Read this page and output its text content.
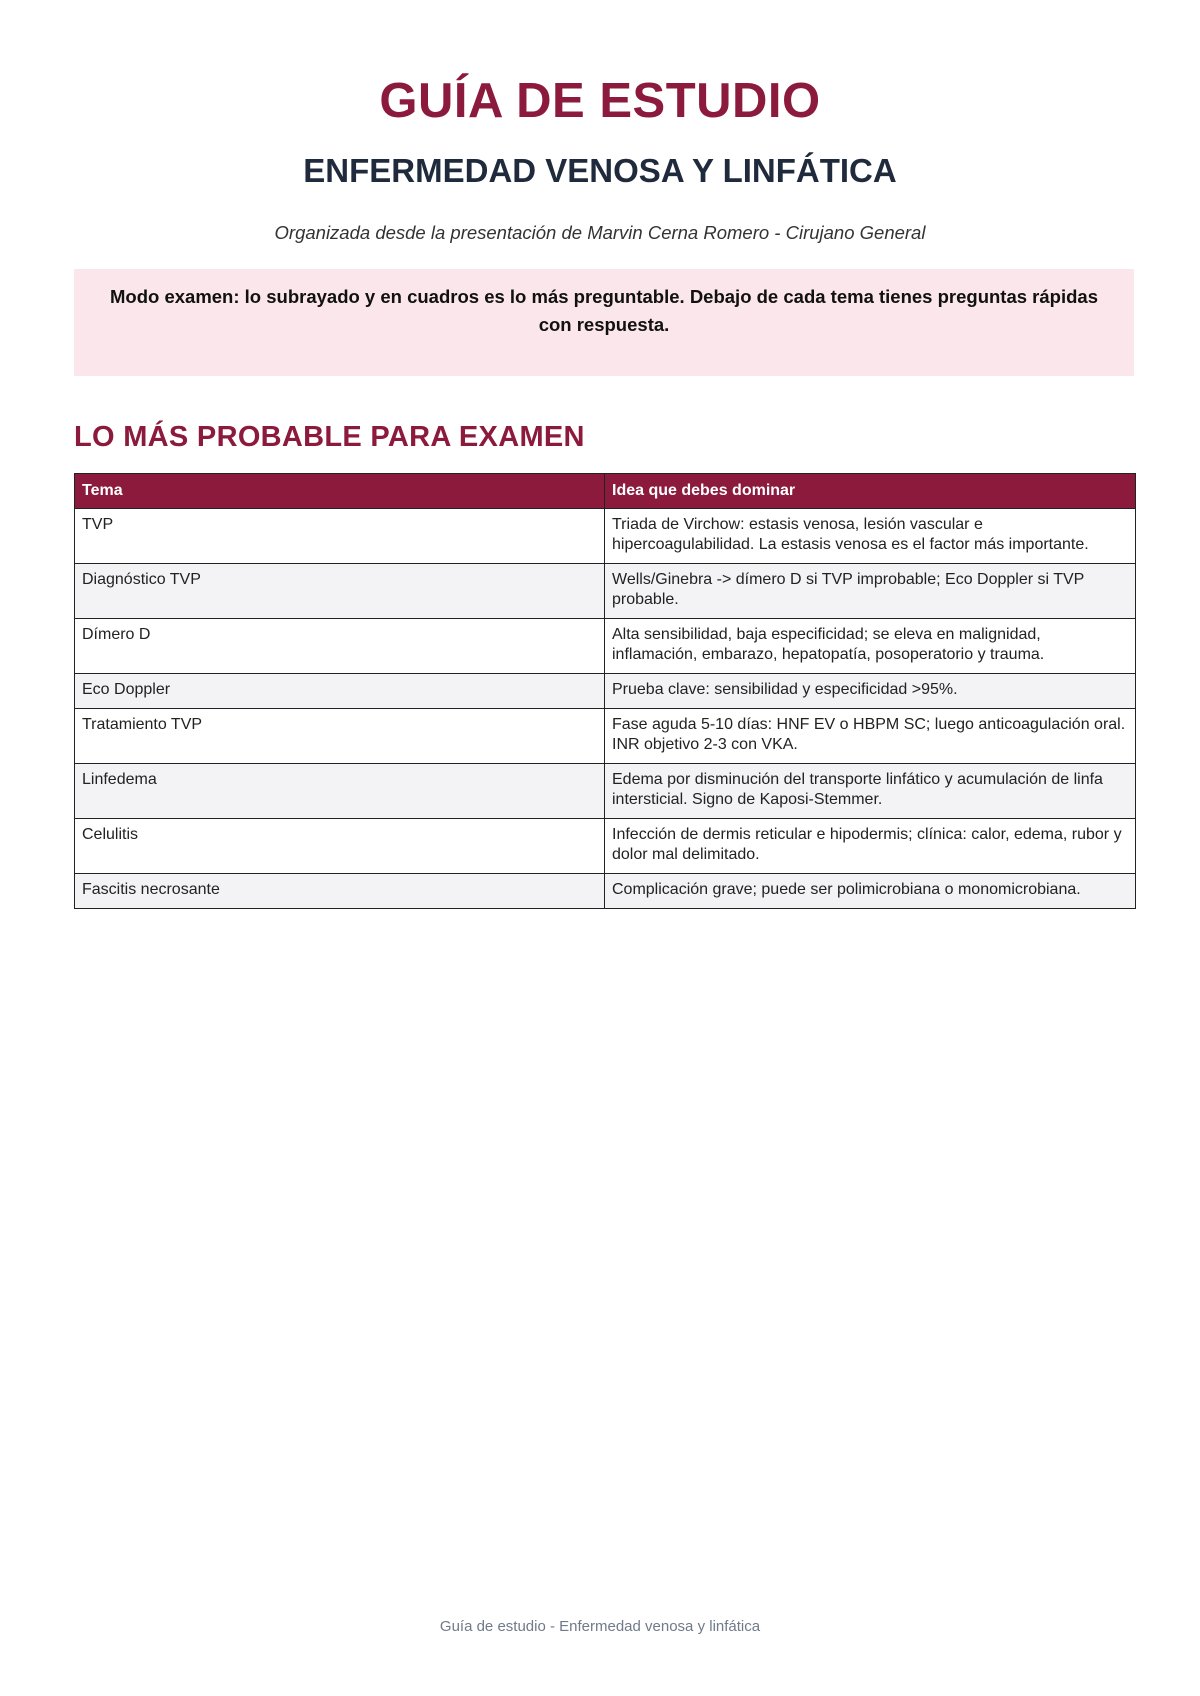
GUÍA DE ESTUDIO
ENFERMEDAD VENOSA Y LINFÁTICA

Organizada desde la presentación de Marvin Cerna Romero - Cirujano General

Modo examen: lo subrayado y en cuadros es lo más preguntable. Debajo de cada tema tienes preguntas rápidas con respuesta.
LO MÁS PROBABLE PARA EXAMEN
Tema	Idea que debes dominar
TVP	Triada de Virchow: estasis venosa, lesión vascular e hipercoagulabilidad. La estasis venosa es el factor más importante.
Diagnóstico TVP	Wells/Ginebra -> dímero D si TVP improbable; Eco Doppler si TVP probable.
Dímero D	Alta sensibilidad, baja especificidad; se eleva en malignidad, inflamación, embarazo, hepatopatía, posoperatorio y trauma.
Eco Doppler	Prueba clave: sensibilidad y especificidad >95%.
Tratamiento TVP	Fase aguda 5-10 días: HNF EV o HBPM SC; luego anticoagulación oral. INR objetivo 2-3 con VKA.
Linfedema	Edema por disminución del transporte linfático y acumulación de linfa intersticial. Signo de Kaposi-Stemmer.
Celulitis	Infección de dermis reticular e hipodermis; clínica: calor, edema, rubor y dolor mal delimitado.
Fascitis necrosante	Complicación grave; puede ser polimicrobiana o monomicrobiana.
Guía de estudio - Enfermedad venosa y linfática
